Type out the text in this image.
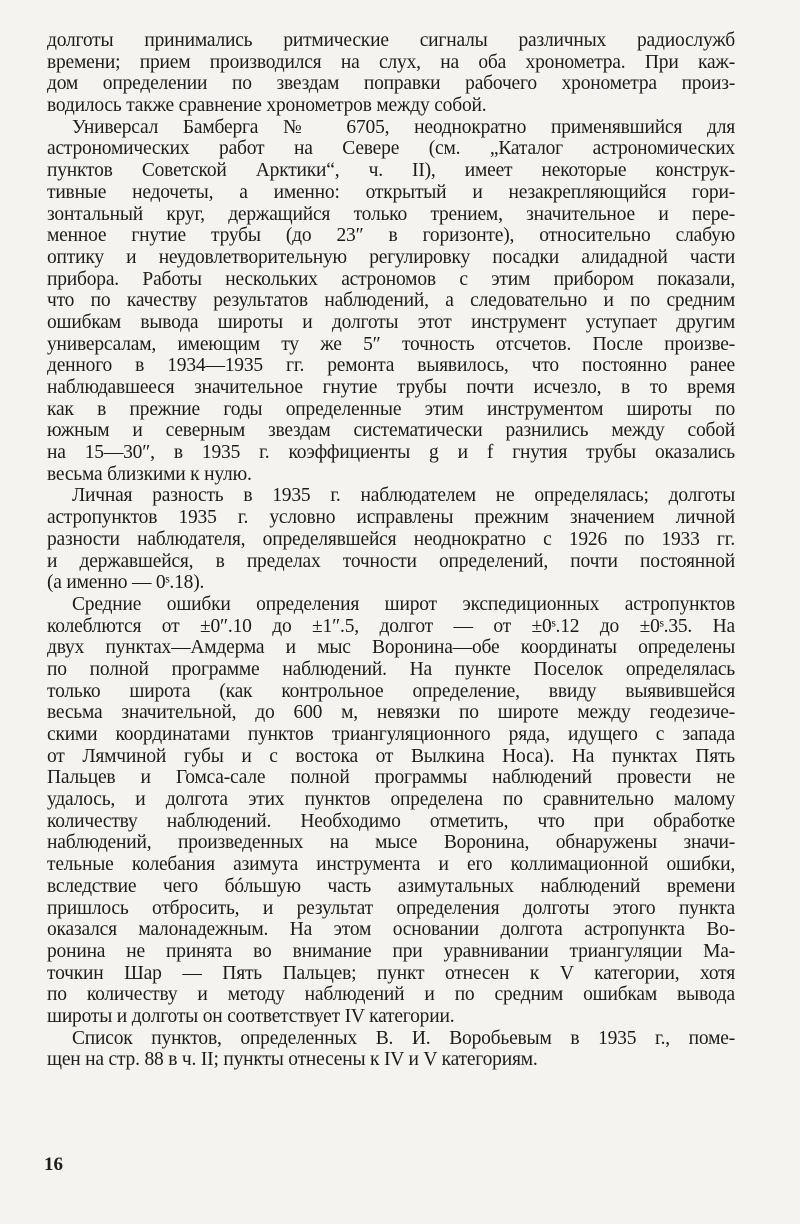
долготы принимались ритмические сигналы различных радиослужб
времени; прием производился на слух, на оба хронометра. При каж-
дом определении по звездам поправки рабочего хронометра произ-
водилось также сравнение хронометров между собой.
Универсал Бамберга № 6705, неоднократно применявшийся для
астрономических работ на Севере (см. „Каталог астрономических
пунктов Советской Арктики“, ч. II), имеет некоторые конструк-
тивные недочеты, а именно: открытый и незакрепляющийся гори-
зонтальный круг, держащийся только трением, значительное и пере-
менное гнутие трубы (до 23″ в горизонте), относительно слабую
оптику и неудовлетворительную регулировку посадки алидадной части
прибора. Работы нескольких астрономов с этим прибором показали,
что по качеству результатов наблюдений, а следовательно и по средним
ошибкам вывода широты и долготы этот инструмент уступает другим
универсалам, имеющим ту же 5″ точность отсчетов. После произве-
денного в 1934—1935 гг. ремонта выявилось, что постоянно ранее
наблюдавшееся значительное гнутие трубы почти исчезло, в то время
как в прежние годы определенные этим инструментом широты по
южным и северным звездам систематически разнились между собой
на 15—30″, в 1935 г. коэффициенты g и f гнутия трубы оказались
весьма близкими к нулю.
Личная разность в 1935 г. наблюдателем не определялась; долготы
астропунктов 1935 г. условно исправлены прежним значением личной
разности наблюдателя, определявшейся неоднократно с 1926 по 1933 гг.
и державшейся, в пределах точности определений, почти постоянной
(а именно — 0ˢ.18).
Средние ошибки определения широт экспедиционных астропунктов
колеблются от ±0″.10 до ±1″.5, долгот — от ±0ˢ.12 до ±0ˢ.35. На
двух пунктах—Амдерма и мыс Воронина—обе координаты определены
по полной программе наблюдений. На пункте Поселок определялась
только широта (как контрольное определение, ввиду выявившейся
весьма значительной, до 600 м, невязки по широте между геодезиче-
скими координатами пунктов триангуляционного ряда, идущего с запада
от Лямчиной губы и с востока от Вылкина Носа). На пунктах Пять
Пальцев и Гомса-сале полной программы наблюдений провести не
удалось, и долгота этих пунктов определена по сравнительно малому
количеству наблюдений. Необходимо отметить, что при обработке
наблюдений, произведенных на мысе Воронина, обнаружены значи-
тельные колебания азимута инструмента и его коллимационной ошибки,
вследствие чего бóльшую часть азимутальных наблюдений времени
пришлось отбросить, и результат определения долготы этого пункта
оказался малонадежным. На этом основании долгота астропункта Во-
ронина не принята во внимание при уравнивании триангуляции Ма-
точкин Шар — Пять Пальцев; пункт отнесен к V категории, хотя
по количеству и методу наблюдений и по средним ошибкам вывода
широты и долготы он соответствует IV категории.
Список пунктов, определенных В. И. Воробьевым в 1935 г., поме-
щен на стр. 88 в ч. II; пункты отнесены к IV и V категориям.
16
